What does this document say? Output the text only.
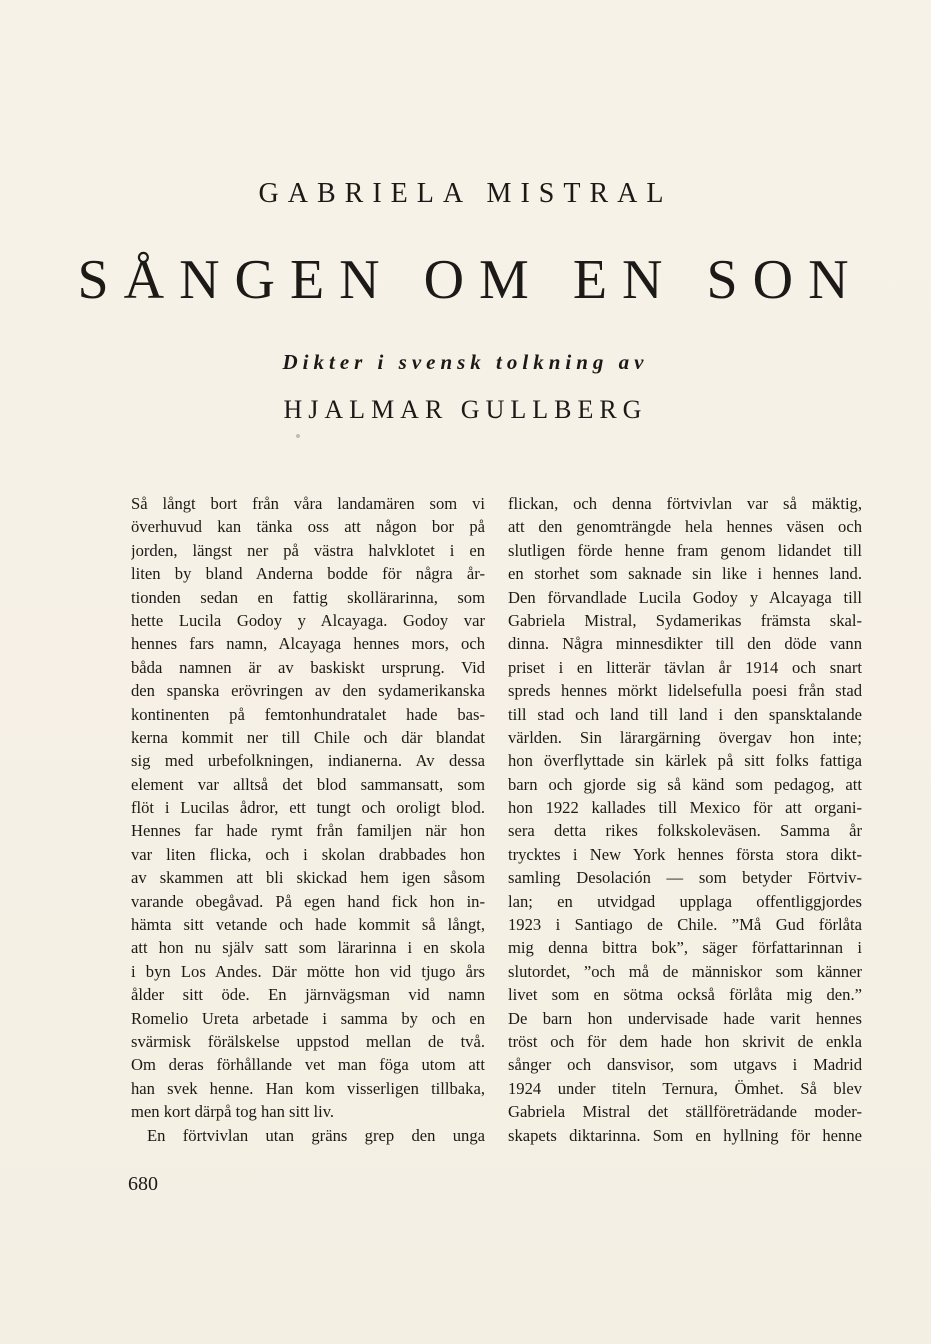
GABRIELA MISTRAL
SÅNGEN OM EN SON
Dikter i svensk tolkning av
HJALMAR GULLBERG
Så långt bort från våra landamären som vi
överhuvud kan tänka oss att någon bor på
jorden, längst ner på västra halvklotet i en
liten by bland Anderna bodde för några år-
tionden sedan en fattig skollärarinna, som
hette Lucila Godoy y Alcayaga. Godoy var
hennes fars namn, Alcayaga hennes mors, och
båda namnen är av baskiskt ursprung. Vid
den spanska erövringen av den sydamerikanska
kontinenten på femtonhundratalet hade bas-
kerna kommit ner till Chile och där blandat
sig med urbefolkningen, indianerna. Av dessa
element var alltså det blod sammansatt, som
flöt i Lucilas ådror, ett tungt och oroligt blod.
Hennes far hade rymt från familjen när hon
var liten flicka, och i skolan drabbades hon
av skammen att bli skickad hem igen såsom
varande obegåvad. På egen hand fick hon in-
hämta sitt vetande och hade kommit så långt,
att hon nu själv satt som lärarinna i en skola
i byn Los Andes. Där mötte hon vid tjugo års
ålder sitt öde. En järnvägsman vid namn
Romelio Ureta arbetade i samma by och en
svärmisk förälskelse uppstod mellan de två.
Om deras förhållande vet man föga utom att
han svek henne. Han kom visserligen tillbaka,
men kort därpå tog han sitt liv.
En förtvivlan utan gräns grep den unga
flickan, och denna förtvivlan var så mäktig,
att den genomträngde hela hennes väsen och
slutligen förde henne fram genom lidandet till
en storhet som saknade sin like i hennes land.
Den förvandlade Lucila Godoy y Alcayaga till
Gabriela Mistral, Sydamerikas främsta skal-
dinna. Några minnesdikter till den döde vann
priset i en litterär tävlan år 1914 och snart
spreds hennes mörkt lidelsefulla poesi från stad
till stad och land till land i den spansktalande
världen. Sin lärargärning övergav hon inte;
hon överflyttade sin kärlek på sitt folks fattiga
barn och gjorde sig så känd som pedagog, att
hon 1922 kallades till Mexico för att organi-
sera detta rikes folkskoleväsen. Samma år
trycktes i New York hennes första stora dikt-
samling Desolación — som betyder Förtviv-
lan; en utvidgad upplaga offentliggjordes
1923 i Santiago de Chile. ”Må Gud förlåta
mig denna bittra bok”, säger författarinnan i
slutordet, ”och må de människor som känner
livet som en sötma också förlåta mig den.”
De barn hon undervisade hade varit hennes
tröst och för dem hade hon skrivit de enkla
sånger och dansvisor, som utgavs i Madrid
1924 under titeln Ternura, Ömhet. Så blev
Gabriela Mistral det ställföreträdande moder-
skapets diktarinna. Som en hyllning för henne
680
